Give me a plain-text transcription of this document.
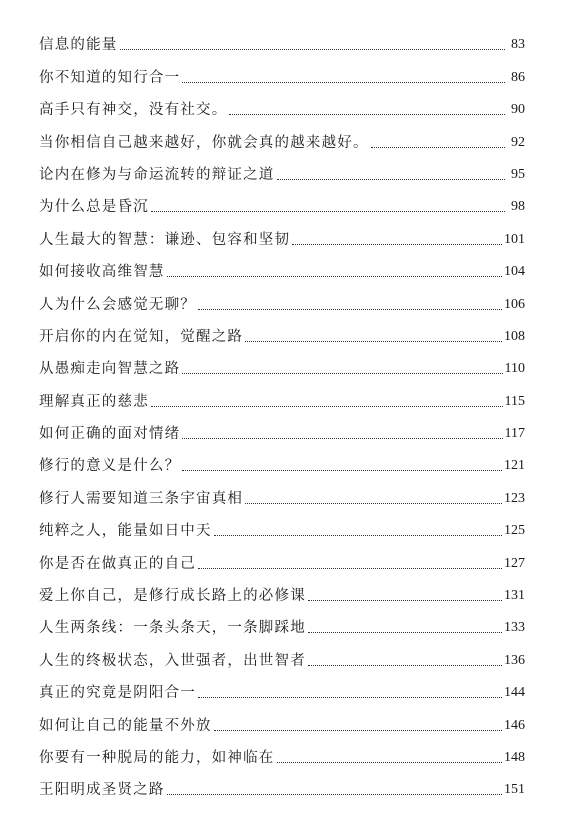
信息的能量	83
你不知道的知行合一	86
高手只有神交，没有社交。	90
当你相信自己越来越好，你就会真的越来越好。	92
论内在修为与命运流转的辩证之道	95
为什么总是昏沉	98
人生最大的智慧：谦逊、包容和坚韧	101
如何接收高维智慧	104
人为什么会感觉无聊？	106
开启你的内在觉知，觉醒之路	108
从愚痴走向智慧之路	110
理解真正的慈悲	115
如何正确的面对情绪	117
修行的意义是什么？	121
修行人需要知道三条宇宙真相	123
纯粹之人，能量如日中天	125
你是否在做真正的自己	127
爱上你自己，是修行成长路上的必修课	131
人生两条线：一条头条天，一条脚踩地	133
人生的终极状态，入世强者，出世智者	136
真正的究竟是阴阳合一	144
如何让自己的能量不外放	146
你要有一种脱局的能力，如神临在	148
王阳明成圣贤之路	151
